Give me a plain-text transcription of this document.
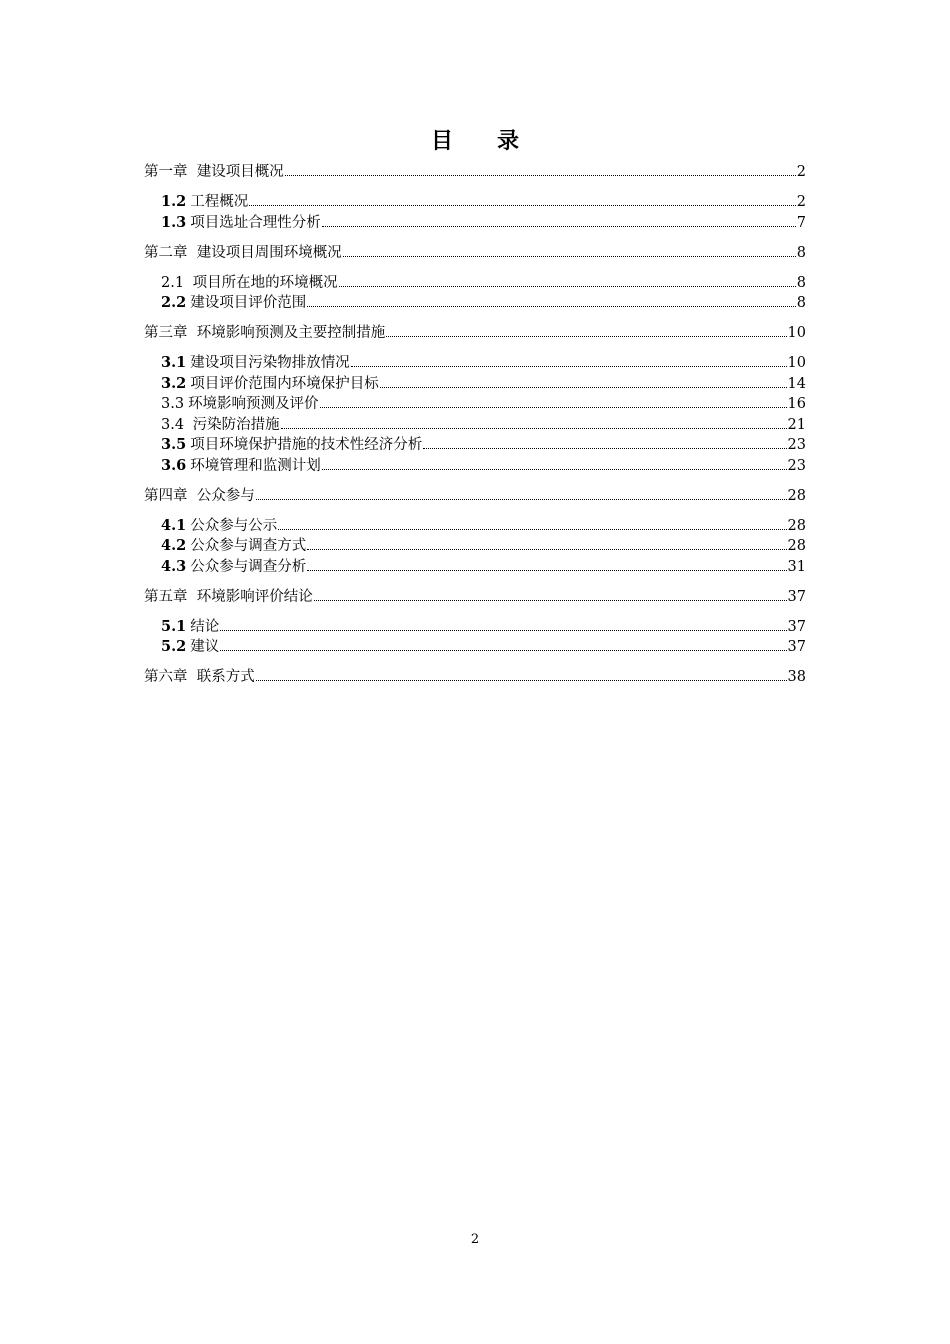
目　　录
第一章  建设项目概况	2
1.2 工程概况	2
1.3 项目选址合理性分析	7
第二章  建设项目周围环境概况	8
2.1 项目所在地的环境概况	8
2.2 建设项目评价范围	8
第三章  环境影响预测及主要控制措施	10
3.1 建设项目污染物排放情况	10
3.2 项目评价范围内环境保护目标	14
3.3 环境影响预测及评价	16
3.4 污染防治措施	21
3.5 项目环境保护措施的技术性经济分析	23
3.6 环境管理和监测计划	23
第四章  公众参与	28
4.1 公众参与公示	28
4.2 公众参与调查方式	28
4.3 公众参与调查分析	31
第五章  环境影响评价结论	37
5.1 结论	37
5.2 建议	37
第六章  联系方式	38
2
